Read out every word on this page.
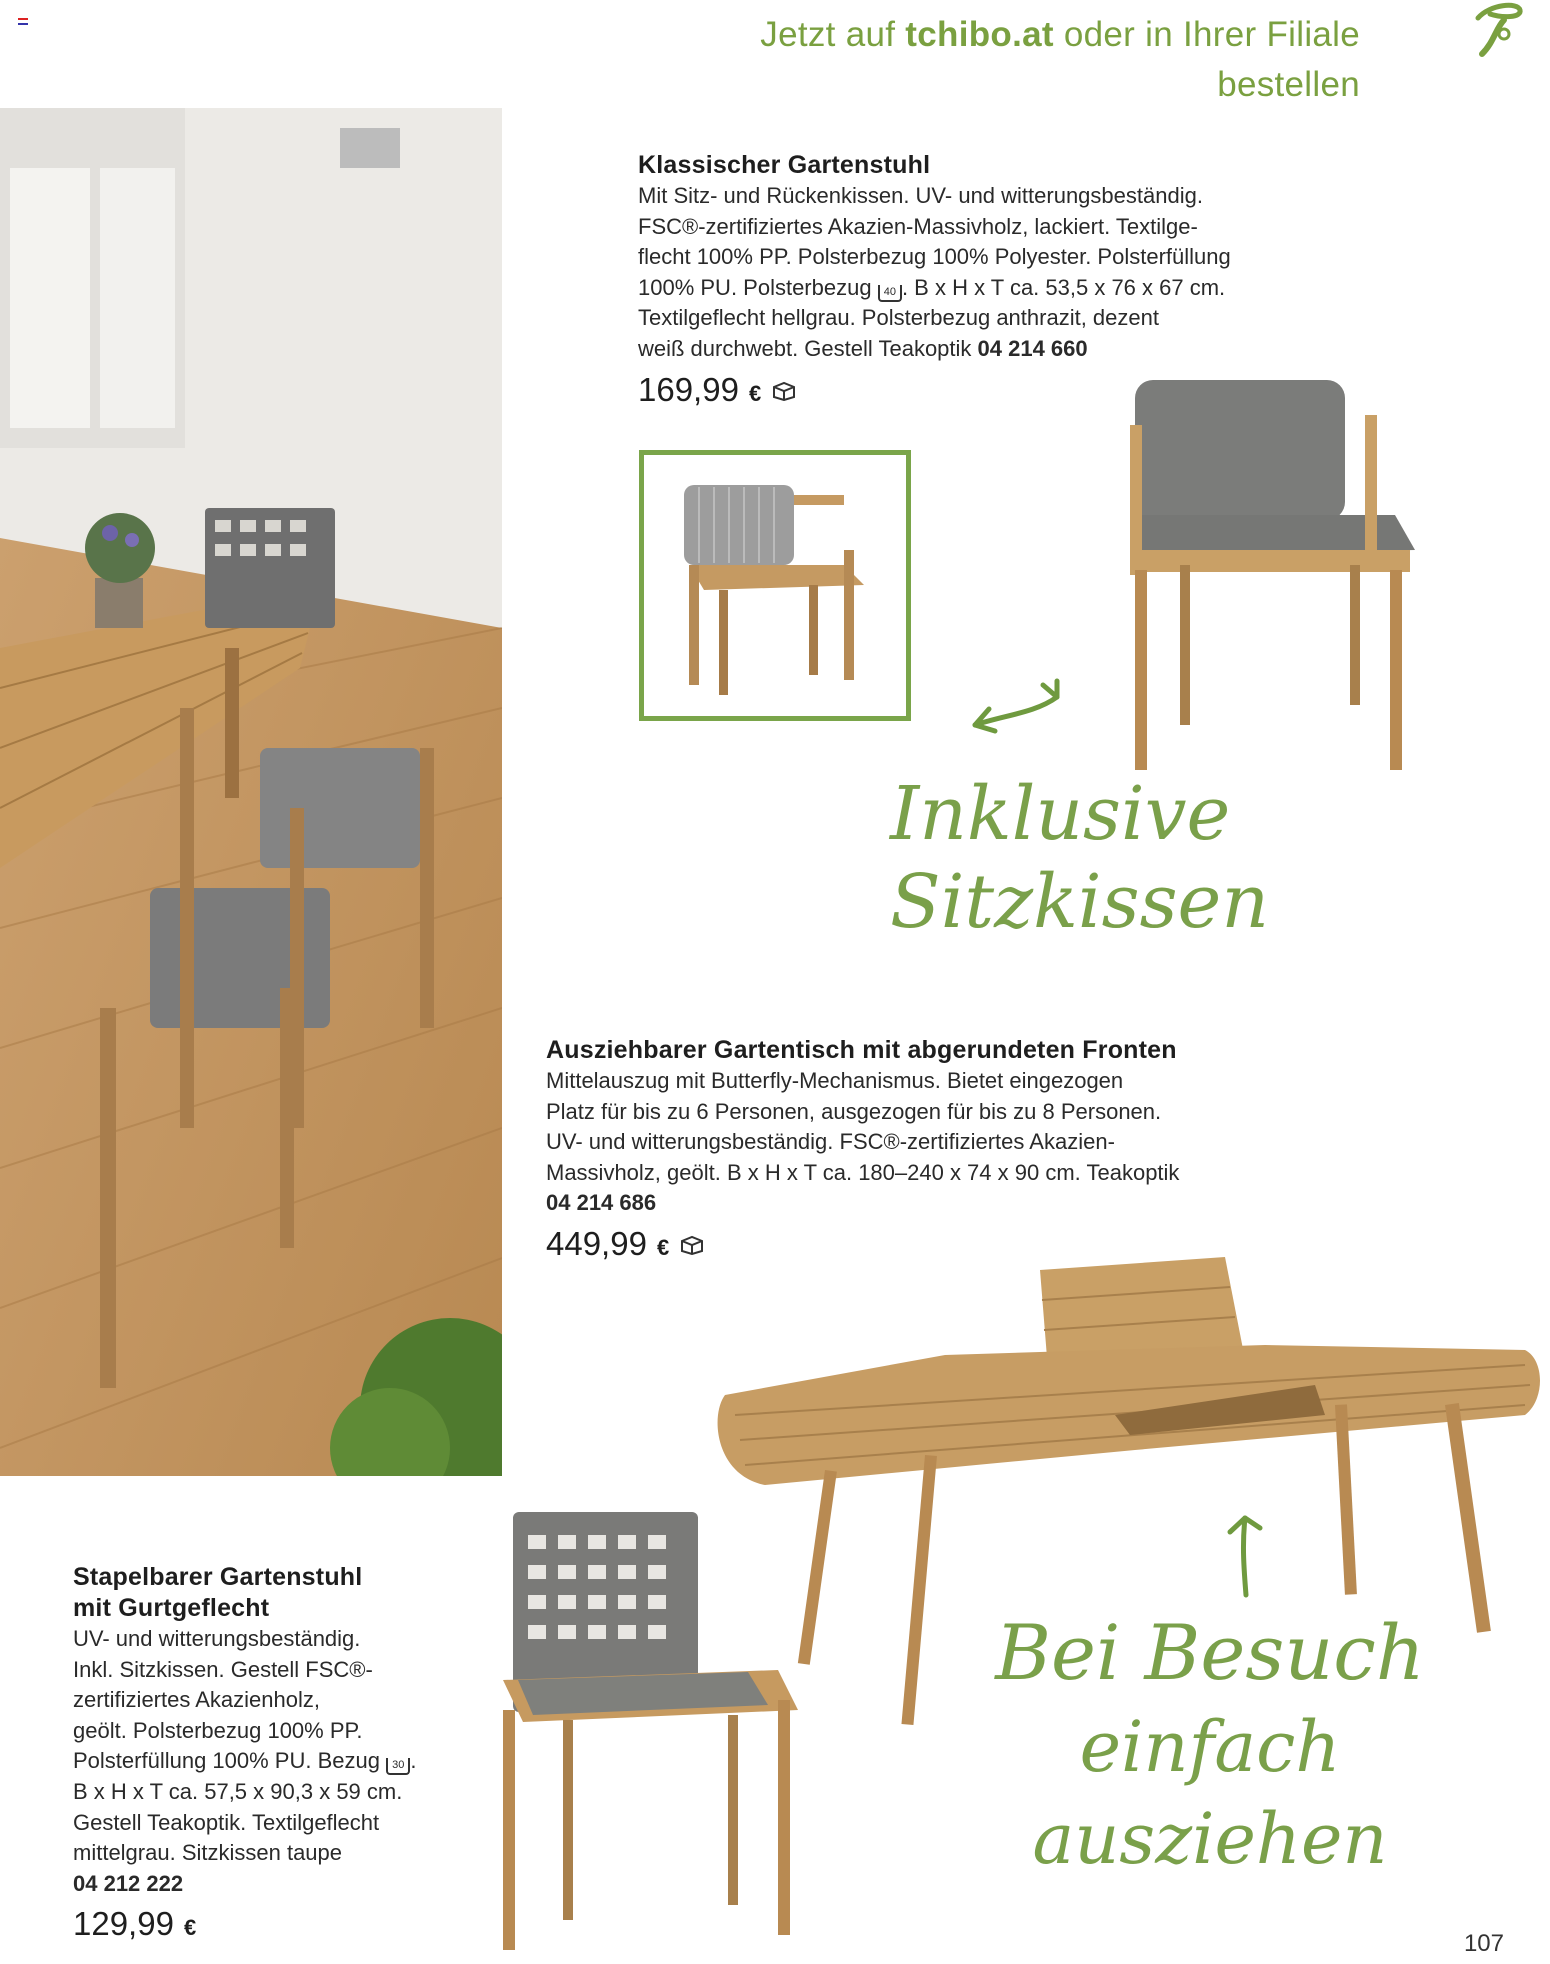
Jetzt auf tchibo.at oder in Ihrer Filiale bestellen
Klassischer Gartenstuhl
Mit Sitz- und Rückenkissen. UV- und witterungsbeständig.
FSC®-zertifiziertes Akazien-Massivholz, lackiert. Textilge-
flecht 100% PP. Polsterbezug 100% Polyester. Polsterfüllung
100% PU. Polsterbezug 40 . B x H x T ca. 53,5 x 76 x 67 cm.
Textilgeflecht hellgrau. Polsterbezug anthrazit, dezent
weiß durchwebt. Gestell Teakoptik 04 214 660
169,99 €
Inklusive
Sitzkissen
Ausziehbarer Gartentisch mit abgerundeten Fronten
Mittelauszug mit Butterfly-Mechanismus. Bietet eingezogen
Platz für bis zu 6 Personen, ausgezogen für bis zu 8 Personen.
UV- und witterungsbeständig. FSC®-zertifiziertes Akazien-
Massivholz, geölt. B x H x T ca. 180–240 x 74 x 90 cm. Teakoptik
04 214 686
449,99 €
Bei Besuch
einfach
ausziehen
Stapelbarer Gartenstuhl
mit Gurtgeflecht
UV- und witterungsbeständig.
Inkl. Sitzkissen. Gestell FSC®-
zertifiziertes Akazienholz,
geölt. Polsterbezug 100% PP.
Polsterfüllung 100% PU. Bezug 30 .
B x H x T ca. 57,5 x 90,3 x 59 cm.
Gestell Teakoptik. Textilgeflecht
mittelgrau. Sitzkissen taupe
04 212 222
129,99 €
107
